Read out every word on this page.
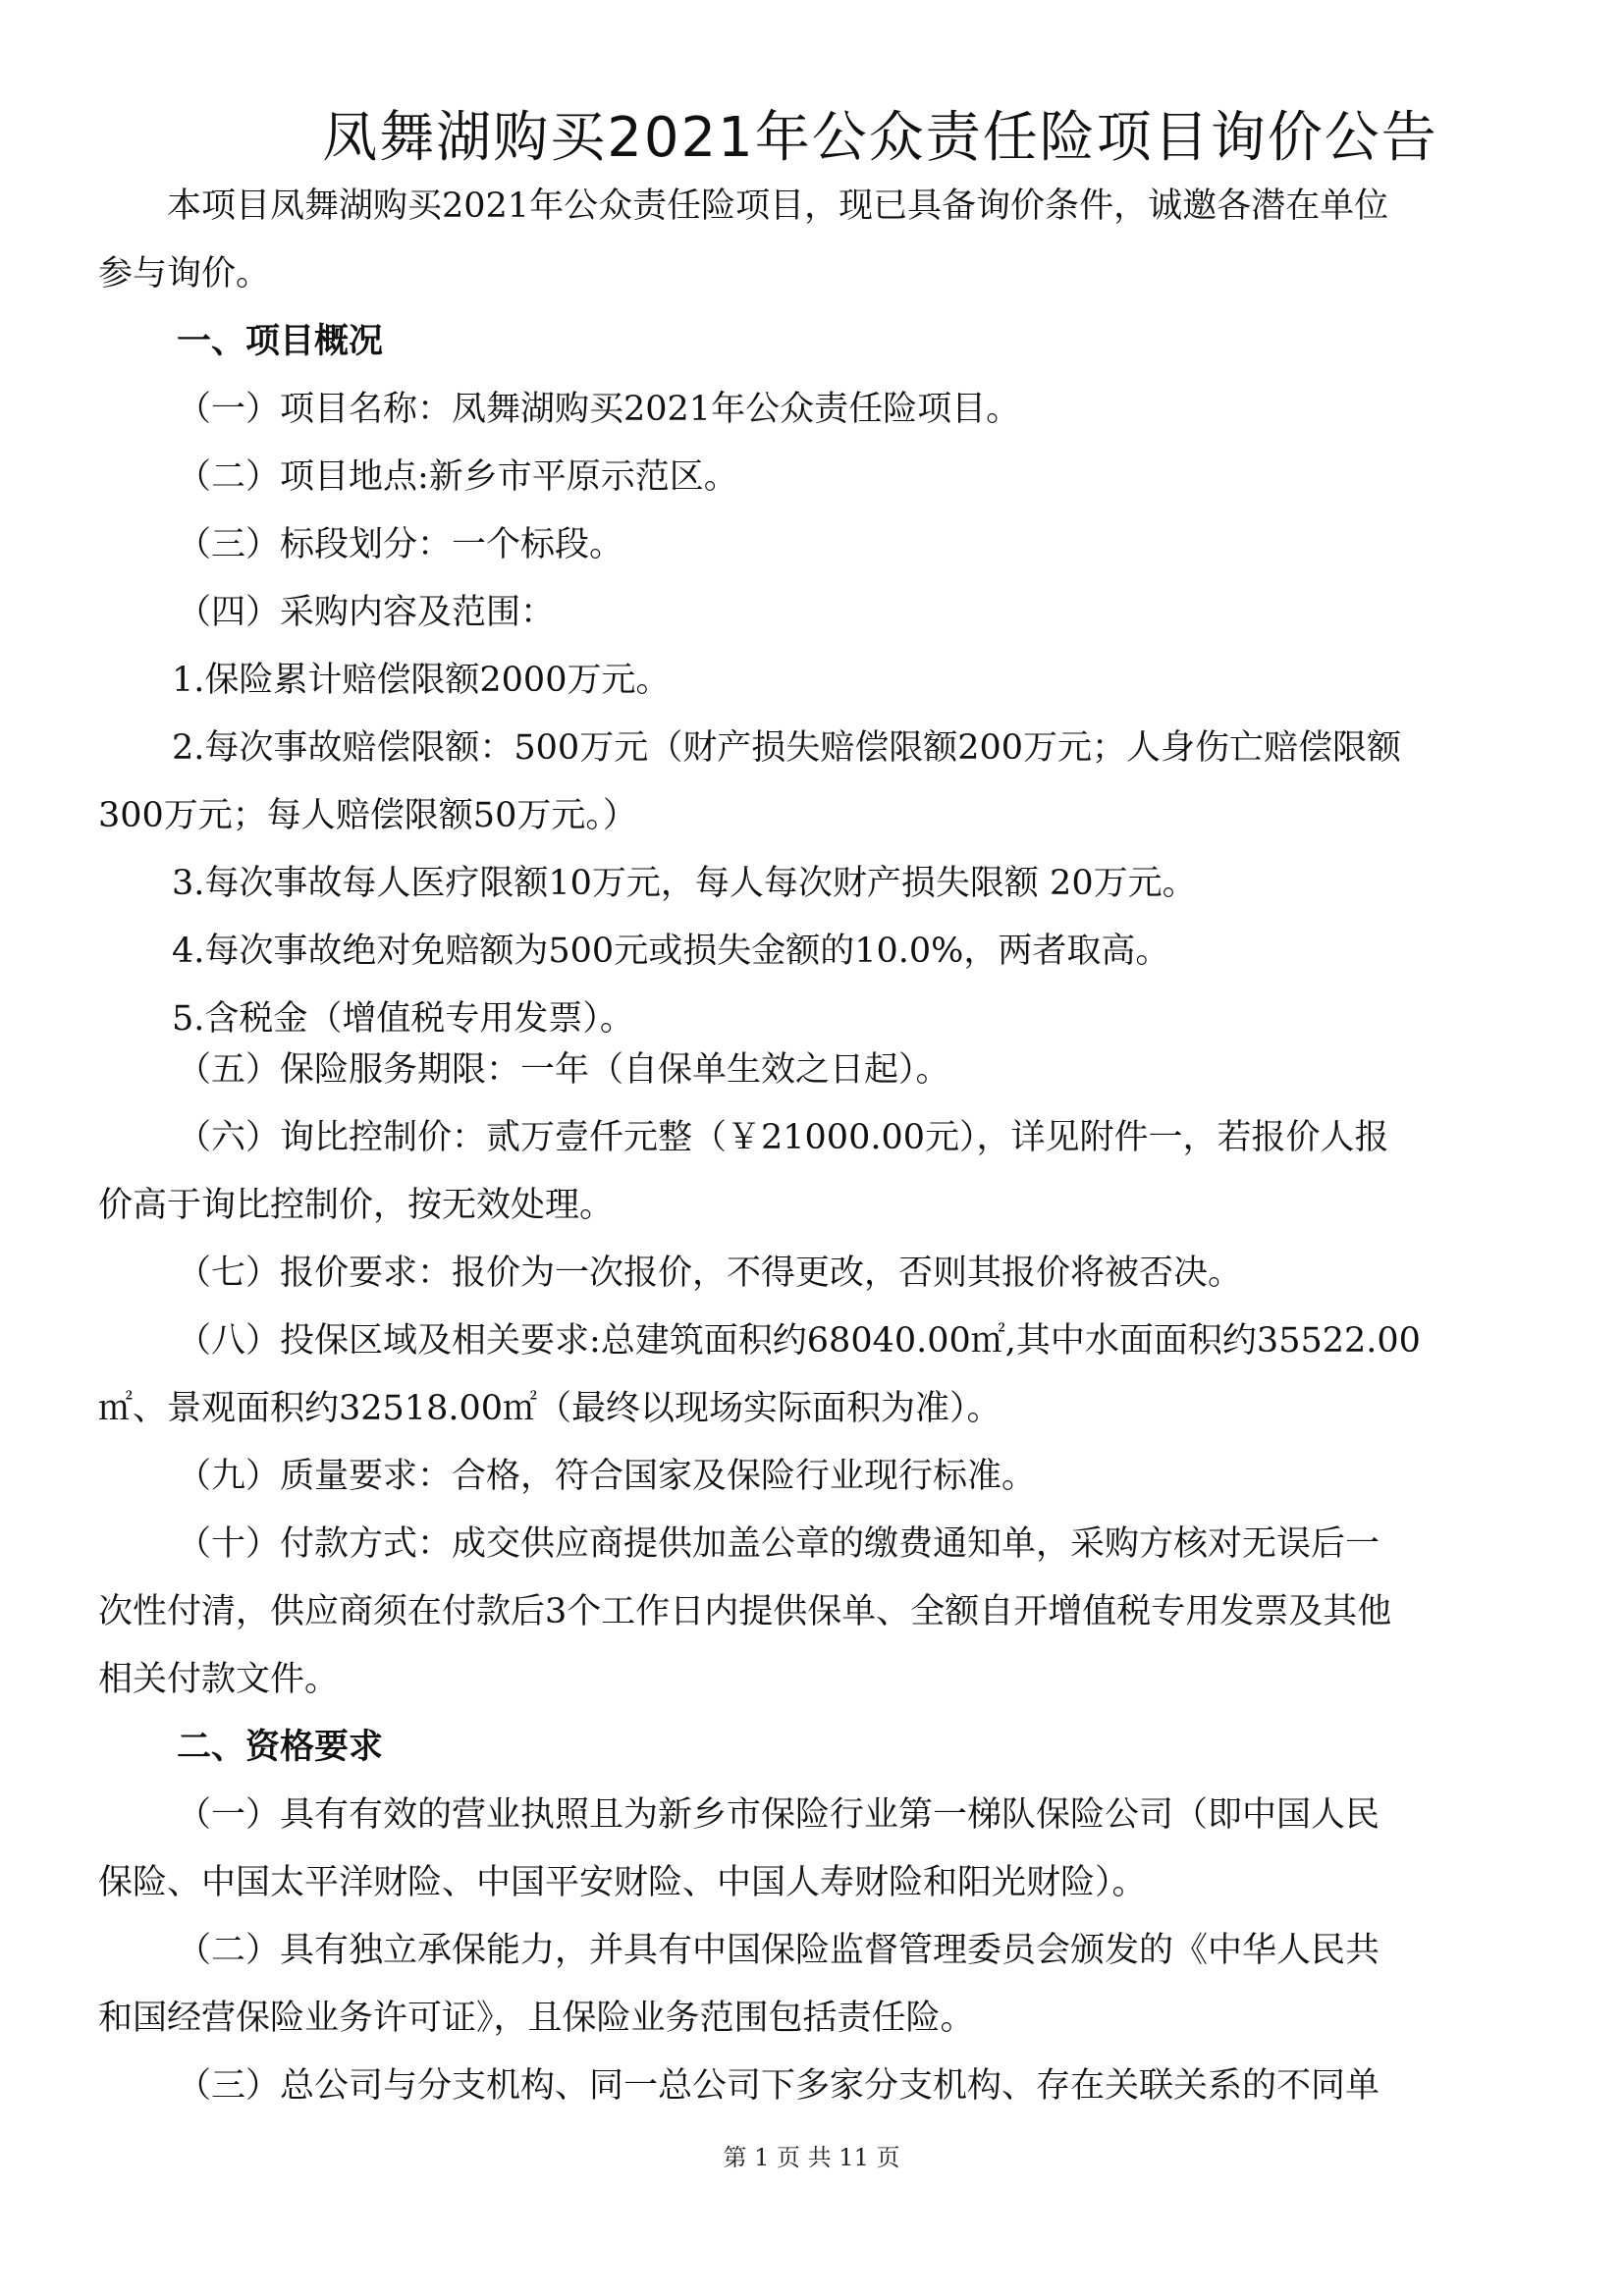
凤舞湖购买2021年公众责任险项目询价公告
本项目凤舞湖购买2021年公众责任险项目，现已具备询价条件，诚邀各潜在单位
参与询价。
一、项目概况
（一）项目名称：凤舞湖购买2021年公众责任险项目。
（二）项目地点:新乡市平原示范区。
（三）标段划分：一个标段。
（四）采购内容及范围：
1.保险累计赔偿限额2000万元。
2.每次事故赔偿限额：500万元（财产损失赔偿限额200万元；人身伤亡赔偿限额
300万元；每人赔偿限额50万元。）
3.每次事故每人医疗限额10万元，每人每次财产损失限额 20万元。
4.每次事故绝对免赔额为500元或损失金额的10.0%，两者取高。
5.含税金（增值税专用发票）。
（五）保险服务期限：一年（自保单生效之日起）。
（六）询比控制价：贰万壹仟元整（￥21000.00元），详见附件一，若报价人报
价高于询比控制价，按无效处理。
（七）报价要求：报价为一次报价，不得更改，否则其报价将被否决。
（八）投保区域及相关要求:总建筑面积约68040.00㎡,其中水面面积约35522.00
㎡、景观面积约32518.00㎡（最终以现场实际面积为准）。
（九）质量要求：合格，符合国家及保险行业现行标准。
（十）付款方式：成交供应商提供加盖公章的缴费通知单，采购方核对无误后一
次性付清，供应商须在付款后3个工作日内提供保单、全额自开增值税专用发票及其他
相关付款文件。
二、资格要求
（一）具有有效的营业执照且为新乡市保险行业第一梯队保险公司（即中国人民
保险、中国太平洋财险、中国平安财险、中国人寿财险和阳光财险）。
（二）具有独立承保能力，并具有中国保险监督管理委员会颁发的《中华人民共
和国经营保险业务许可证》，且保险业务范围包括责任险。
（三）总公司与分支机构、同一总公司下多家分支机构、存在关联关系的不同单
第 1 页 共 11 页
